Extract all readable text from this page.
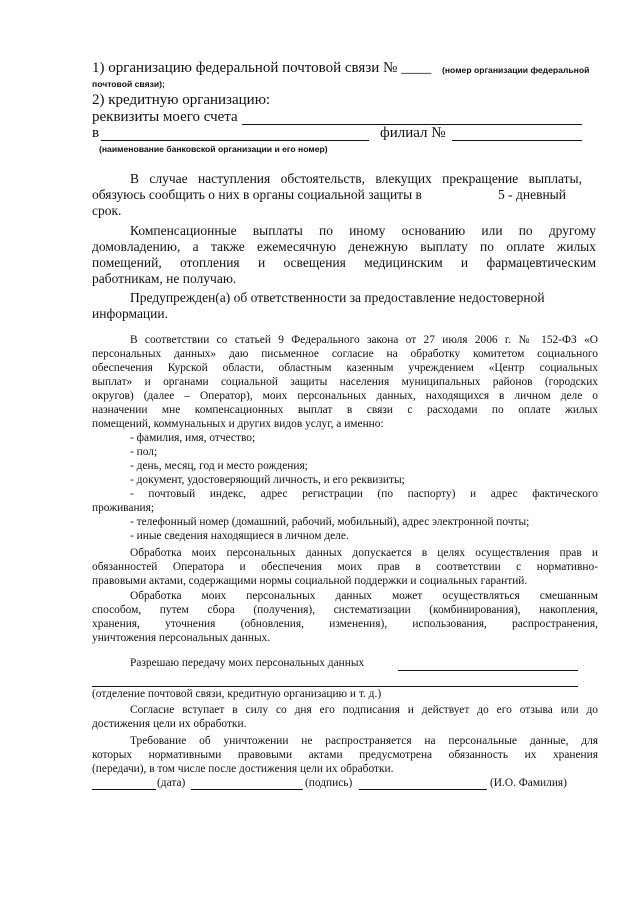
1) организацию федеральной почтовой связи № ____ (номер организации федеральной
почтовой связи);
2) кредитную организацию:
реквизиты моего счета
в	филиал №
(наименование банковской организации и его номер)
В случае наступления обстоятельств, влекущих прекращение выплаты,
обязуюсь сообщить о них в органы социальной защиты в	5 - дневный
срок.
Компенсационные выплаты по иному основанию или по другому
домовладению, а также ежемесячную денежную выплату по оплате жилых
помещений, отопления и освещения медицинским и фармацевтическим
работникам, не получаю.
Предупрежден(а) об ответственности за предоставление недостоверной
информации.
В соответствии со статьей 9 Федерального закона от 27 июля 2006 г. № 152-ФЗ «О
персональных данных» даю письменное согласие на обработку комитетом социального
обеспечения Курской области, областным казенным учреждением «Центр социальных
выплат» и органами социальной защиты населения муниципальных районов (городских
округов) (далее – Оператор), моих персональных данных, находящихся в личном деле о
назначении мне компенсационных выплат в связи с расходами по оплате жилых
помещений, коммунальных и других видов услуг, а именно:
- фамилия, имя, отчество;
- пол;
- день, месяц, год и место рождения;
- документ, удостоверяющий личность, и его реквизиты;
- почтовый индекс, адрес регистрации (по паспорту) и адрес фактического
проживания;
- телефонный номер (домашний, рабочий, мобильный), адрес электронной почты;
- иные сведения находящиеся в личном деле.
Обработка моих персональных данных допускается в целях осуществления прав и
обязанностей Оператора и обеспечения моих прав в соответствии с нормативно-
правовыми актами, содержащими нормы социальной поддержки и социальных гарантий.
Обработка моих персональных данных может осуществляться смешанным
способом, путем сбора (получения), систематизации (комбинирования), накопления,
хранения, уточнения (обновления, изменения), использования, распространения,
уничтожения персональных данных.
Разрешаю передачу моих персональных данных
(отделение почтовой связи, кредитную организацию и т. д.)
Согласие вступает в силу со дня его подписания и действует до его отзыва или до
достижения цели их обработки.
Требование об уничтожении не распространяется на персональные данные, для
которых нормативными правовыми актами предусмотрена обязанность их хранения
(передачи), в том числе после достижения цели их обработки.
(дата)	(подпись)	(И.О. Фамилия)
